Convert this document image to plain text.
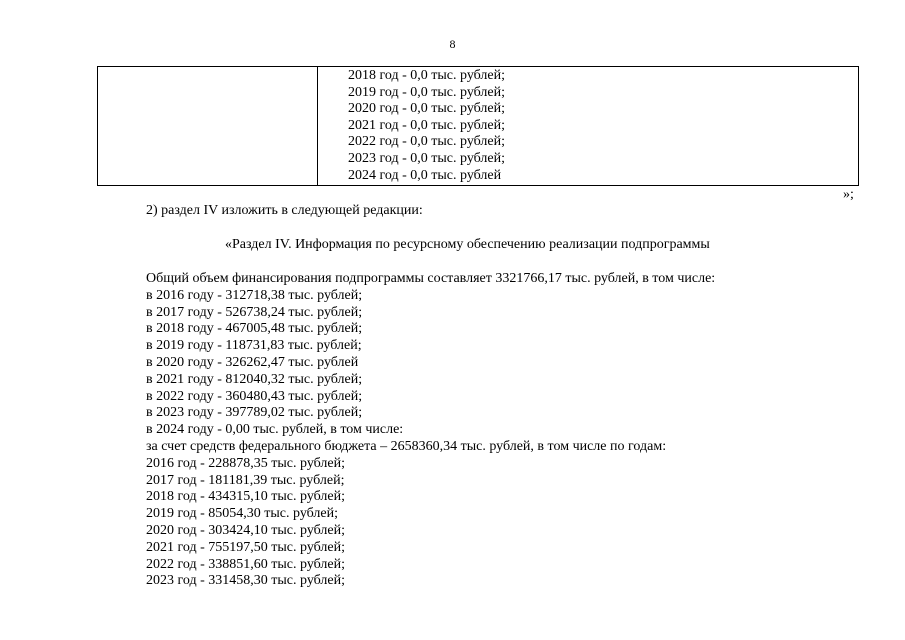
8
2018 год - 0,0 тыс. рублей;
2019 год - 0,0 тыс. рублей;
2020 год - 0,0 тыс. рублей;
2021 год - 0,0 тыс. рублей;
2022 год - 0,0 тыс. рублей;
2023 год - 0,0 тыс. рублей;
2024 год - 0,0 тыс. рублей
»;
2) раздел IV изложить в следующей редакции:
«Раздел IV. Информация по ресурсному обеспечению реализации подпрограммы
Общий объем финансирования подпрограммы составляет 3321766,17 тыс. рублей, в том числе:
в 2016 году - 312718,38 тыс. рублей;
в 2017 году - 526738,24 тыс. рублей;
в 2018 году - 467005,48 тыс. рублей;
в 2019 году - 118731,83 тыс. рублей;
в 2020 году - 326262,47 тыс. рублей
в 2021 году - 812040,32 тыс. рублей;
в 2022 году - 360480,43 тыс. рублей;
в 2023 году - 397789,02 тыс. рублей;
в 2024 году - 0,00 тыс. рублей, в том числе:
за счет средств федерального бюджета – 2658360,34 тыс. рублей, в том числе по годам:
2016 год - 228878,35 тыс. рублей;
2017 год - 181181,39 тыс. рублей;
2018 год - 434315,10 тыс. рублей;
2019 год - 85054,30 тыс. рублей;
2020 год - 303424,10 тыс. рублей;
2021 год - 755197,50 тыс. рублей;
2022 год - 338851,60 тыс. рублей;
2023 год - 331458,30 тыс. рублей;
